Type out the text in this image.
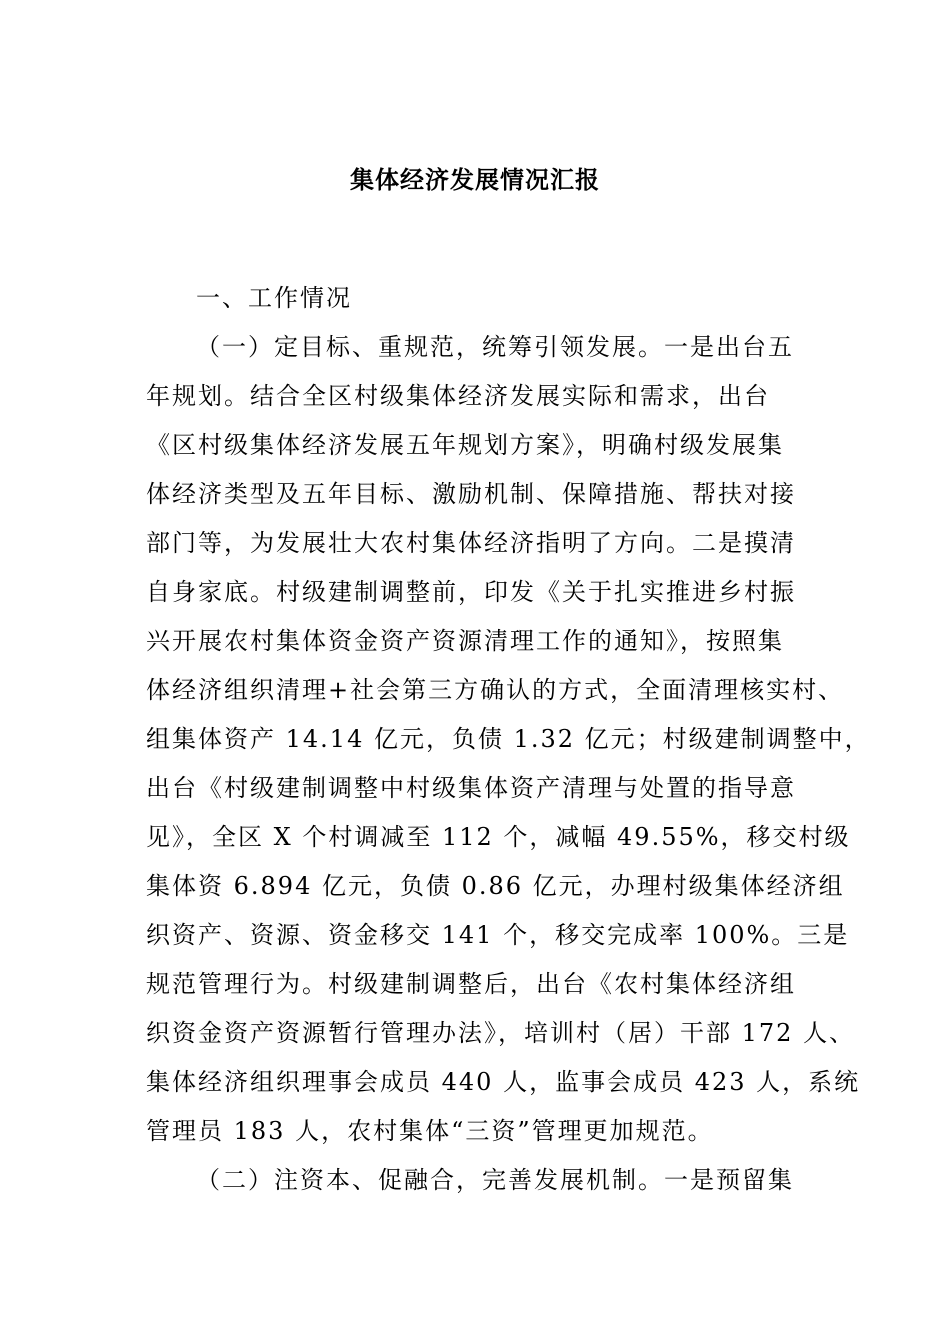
集体经济发展情况汇报
一、工作情况
（一）定目标、重规范，统筹引领发展。一是出台五
年规划。结合全区村级集体经济发展实际和需求，出台
《区村级集体经济发展五年规划方案》，明确村级发展集
体经济类型及五年目标、激励机制、保障措施、帮扶对接
部门等，为发展壮大农村集体经济指明了方向。二是摸清
自身家底。村级建制调整前，印发《关于扎实推进乡村振
兴开展农村集体资金资产资源清理工作的通知》，按照集
体经济组织清理+社会第三方确认的方式，全面清理核实村、
组集体资产 14.14 亿元，负债 1.32 亿元；村级建制调整中，
出台《村级建制调整中村级集体资产清理与处置的指导意
见》，全区 X 个村调减至 112 个，减幅 49.55%，移交村级
集体资 6.894 亿元，负债 0.86 亿元，办理村级集体经济组
织资产、资源、资金移交 141 个，移交完成率 100%。三是
规范管理行为。村级建制调整后，出台《农村集体经济组
织资金资产资源暂行管理办法》，培训村（居）干部 172 人、
集体经济组织理事会成员 440 人，监事会成员 423 人，系统
管理员 183 人，农村集体“三资”管理更加规范。
（二）注资本、促融合，完善发展机制。一是预留集
